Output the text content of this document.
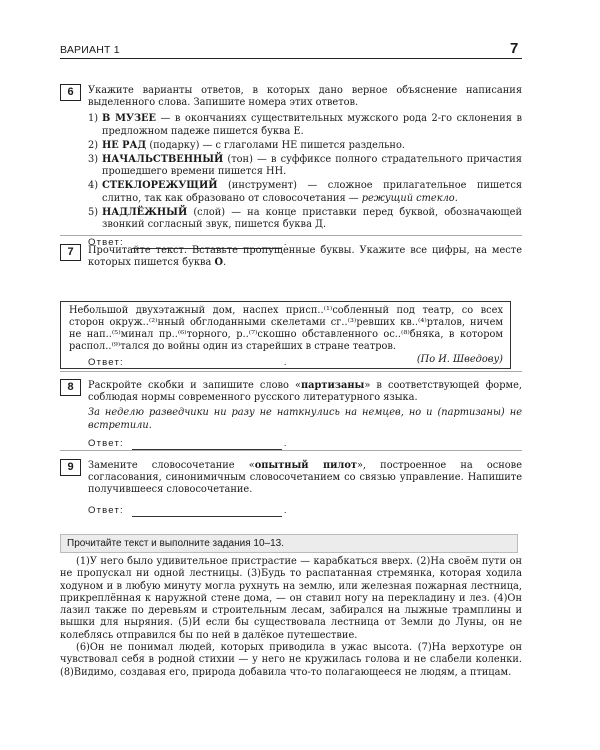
ВАРИАНТ 1	7
6	Укажите варианты ответов, в которых дано верное объяснение написания выделенного слова. Запишите номера этих ответов.

1) В МУЗЕЕ — в окончаниях существительных мужского рода 2-го склонения в предложном падеже пишется буква Е.
2) НЕ РАД (подарку) — с глаголами НЕ пишется раздельно.
3) НАЧАЛЬСТВЕННЫЙ (тон) — в суффиксе полного страдательного причастия прошедшего времени пишется НН.
4) СТЕКЛОРЕЖУЩИЙ (инструмент) — сложное прилагательное пишется слитно, так как образовано от словосочетания — режущий стекло.
5) НАДЛЁЖНЫЙ (слой) — на конце приставки перед буквой, обозначающей звонкий согласный звук, пишется буква Д.
Ответ:	.
7	Прочитайте текст. Вставьте пропущенные буквы. Укажите все цифры, на месте которых пишется буква О.

Небольшой двухэтажный дом, наспех присп..⁽¹⁾собленный под театр, со всех сторон окруж..⁽²⁾нный обглоданными скелетами сг..⁽³⁾ревших кв..⁽⁴⁾рталов, ничем не нап..⁽⁵⁾минал пр..⁽⁶⁾торного, р..⁽⁷⁾скошно обставленного ос..⁽⁸⁾бняка, в котором распол..⁽⁹⁾тался до войны один из старейших в стране театров.
(По И. Шведову)
Ответ:	.
8	Раскройте скобки и запишите слово «партизаны» в соответствующей форме, соблюдая нормы современного русского литературного языка.

За неделю разведчики ни разу не наткнулись на немцев, но и (партизаны) не встретили.

Ответ:	.
9	Замените словосочетание «опытный пилот», построенное на основе согласования, синонимичным словосочетанием со связью управление. Напишите получившееся словосочетание.

Ответ:	.
Прочитайте текст и выполните задания 10–13.

(1)У него было удивительное пристрастие — карабкаться вверх. (2)На своём пути он не пропускал ни одной лестницы. (3)Будь то распатанная стремянка, которая ходила ходуном и в любую минуту могла рухнуть на землю, или железная пожарная лестница, прикреплённая к наружной стене дома, — он ставил ногу на перекладину и лез. (4)Он лазил также по деревьям и строительным лесам, забирался на лыжные трамплины и вышки для ныряния. (5)И если бы существовала лестница от Земли до Луны, он не колеблясь отправился бы по ней в далёкое путешествие.

(6)Он не понимал людей, которых приводила в ужас высота. (7)На верхотуре он чувствовал себя в родной стихии — у него не кружилась голова и не слабели коленки. (8)Видимо, создавая его, природа добавила что-то полагающееся не людям, а птицам.
